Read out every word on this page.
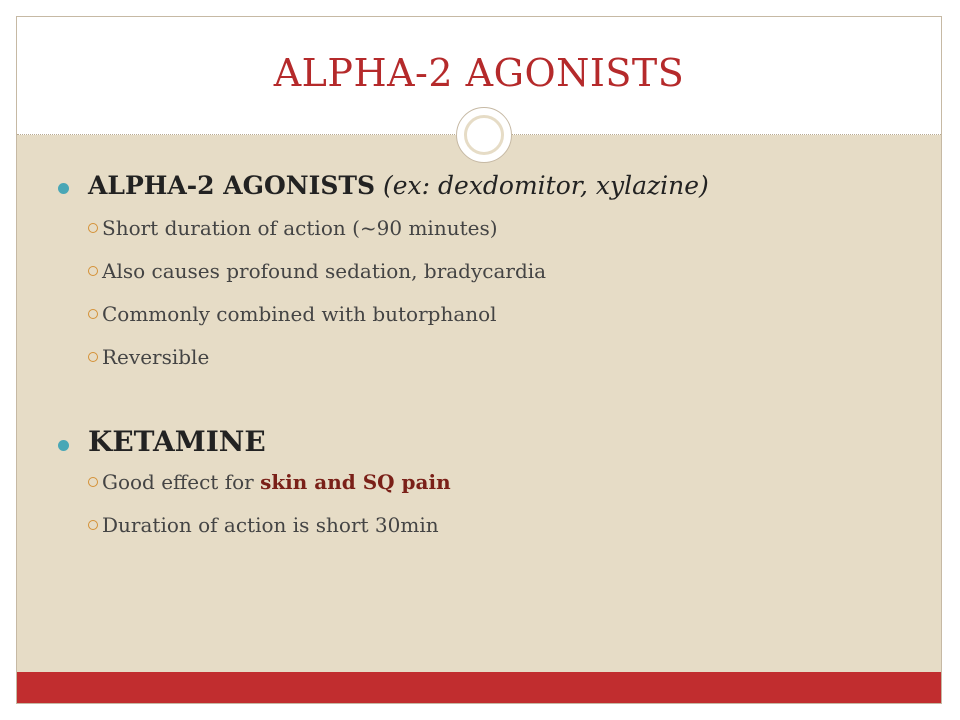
ALPHA-2 AGONISTS
ALPHA-2 AGONISTS (ex: dexdomitor, xylazine)
Short duration of action (~90 minutes)
Also causes profound sedation, bradycardia
Commonly combined with butorphanol
Reversible
KETAMINE
Good effect for skin and SQ pain
Duration of action is short 30min
